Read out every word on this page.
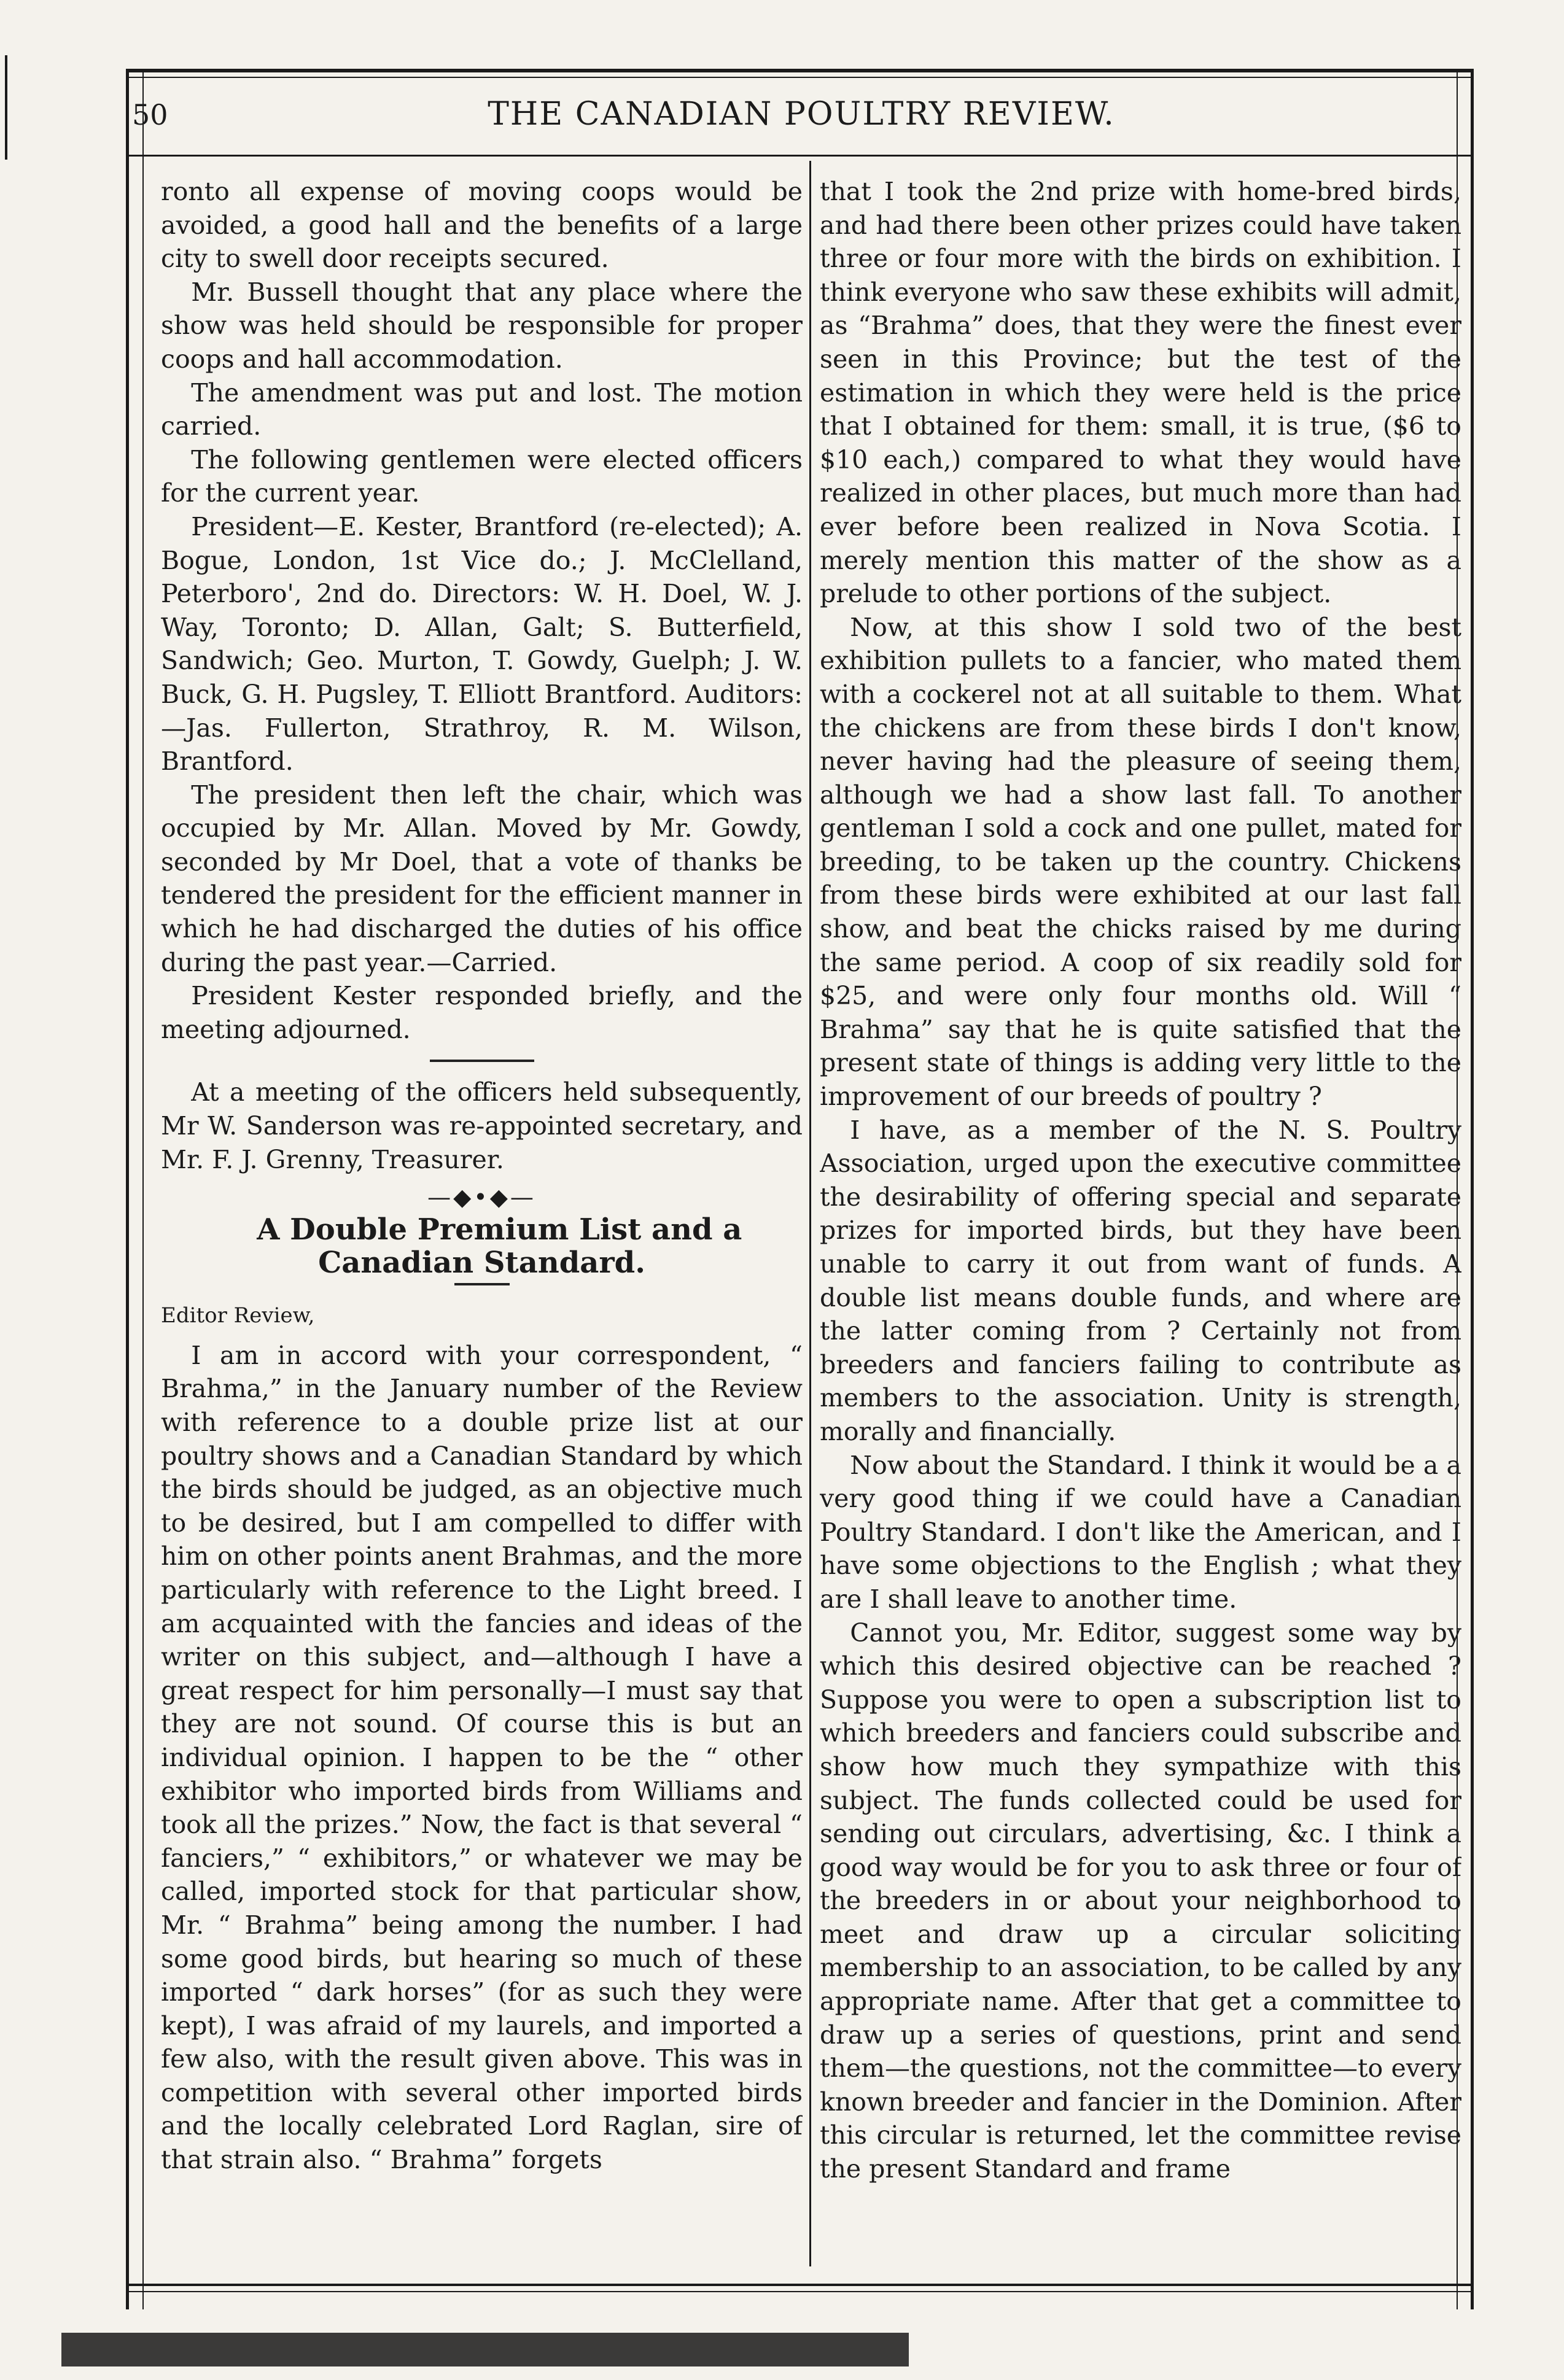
50	THE CANADIAN POULTRY REVIEW.

ronto all expense of moving coops would be avoided, a good hall and the benefits of a large city to swell door receipts secured.

Mr. Bussell thought that any place where the show was held should be responsible for proper coops and hall accommodation.

The amendment was put and lost. The motion carried.

The following gentlemen were elected officers for the current year.

President—E. Kester, Brantford (re-elected); A. Bogue, London, 1st Vice do.; J. McClelland, Peterboro', 2nd do. Directors: W. H. Doel, W. J. Way, Toronto; D. Allan, Galt; S. Butterfield, Sandwich; Geo. Murton, T. Gowdy, Guelph; J. W. Buck, G. H. Pugsley, T. Elliott Brantford. Auditors:—Jas. Fullerton, Strathroy, R. M. Wilson, Brantford.

The president then left the chair, which was occupied by Mr. Allan. Moved by Mr. Gowdy, seconded by Mr Doel, that a vote of thanks be tendered the president for the efficient manner in which he had discharged the duties of his office during the past year.—Carried.

President Kester responded briefly, and the meeting adjourned.

At a meeting of the officers held subsequently, Mr W. Sanderson was re-appointed secretary, and Mr. F. J. Grenny, Treasurer.

—◆•◆—

A Double Premium List and a Canadian Standard.

Editor Review,

I am in accord with your correspondent, “ Brahma,” in the January number of the Review with reference to a double prize list at our poultry shows and a Canadian Standard by which the birds should be judged, as an objective much to be desired, but I am compelled to differ with him on other points anent Brahmas, and the more particularly with reference to the Light breed. I am acquainted with the fancies and ideas of the writer on this subject, and—although I have a great respect for him personally—I must say that they are not sound. Of course this is but an individual opinion. I happen to be the “ other exhibitor who imported birds from Williams and took all the prizes.” Now, the fact is that several “ fanciers,” “ exhibitors,” or whatever we may be called, imported stock for that particular show, Mr. “ Brahma” being among the number. I had some good birds, but hearing so much of these imported “ dark horses” (for as such they were kept), I was afraid of my laurels, and imported a few also, with the result given above. This was in competition with several other imported birds and the locally celebrated Lord Raglan, sire of that strain also. “ Brahma” forgets

that I took the 2nd prize with home-bred birds, and had there been other prizes could have taken three or four more with the birds on exhibition. I think everyone who saw these exhibits will admit, as “Brahma” does, that they were the finest ever seen in this Province; but the test of the estimation in which they were held is the price that I obtained for them: small, it is true, ($6 to $10 each,) compared to what they would have realized in other places, but much more than had ever before been realized in Nova Scotia. I merely mention this matter of the show as a prelude to other portions of the subject.

Now, at this show I sold two of the best exhibition pullets to a fancier, who mated them with a cockerel not at all suitable to them. What the chickens are from these birds I don't know, never having had the pleasure of seeing them, although we had a show last fall. To another gentleman I sold a cock and one pullet, mated for breeding, to be taken up the country. Chickens from these birds were exhibited at our last fall show, and beat the chicks raised by me during the same period. A coop of six readily sold for $25, and were only four months old. Will “ Brahma” say that he is quite satisfied that the present state of things is adding very little to the improvement of our breeds of poultry ?

I have, as a member of the N. S. Poultry Association, urged upon the executive committee the desirability of offering special and separate prizes for imported birds, but they have been unable to carry it out from want of funds. A double list means double funds, and where are the latter coming from ? Certainly not from breeders and fanciers failing to contribute as members to the association. Unity is strength, morally and financially.

Now about the Standard. I think it would be a a very good thing if we could have a Canadian Poultry Standard. I don't like the American, and I have some objections to the English ; what they are I shall leave to another time.

Cannot you, Mr. Editor, suggest some way by which this desired objective can be reached ? Suppose you were to open a subscription list to which breeders and fanciers could subscribe and show how much they sympathize with this subject. The funds collected could be used for sending out circulars, advertising, &c. I think a good way would be for you to ask three or four of the breeders in or about your neighborhood to meet and draw up a circular soliciting membership to an association, to be called by any appropriate name. After that get a committee to draw up a series of questions, print and send them—the questions, not the committee—to every known breeder and fancier in the Dominion. After this circular is returned, let the committee revise the present Standard and frame
